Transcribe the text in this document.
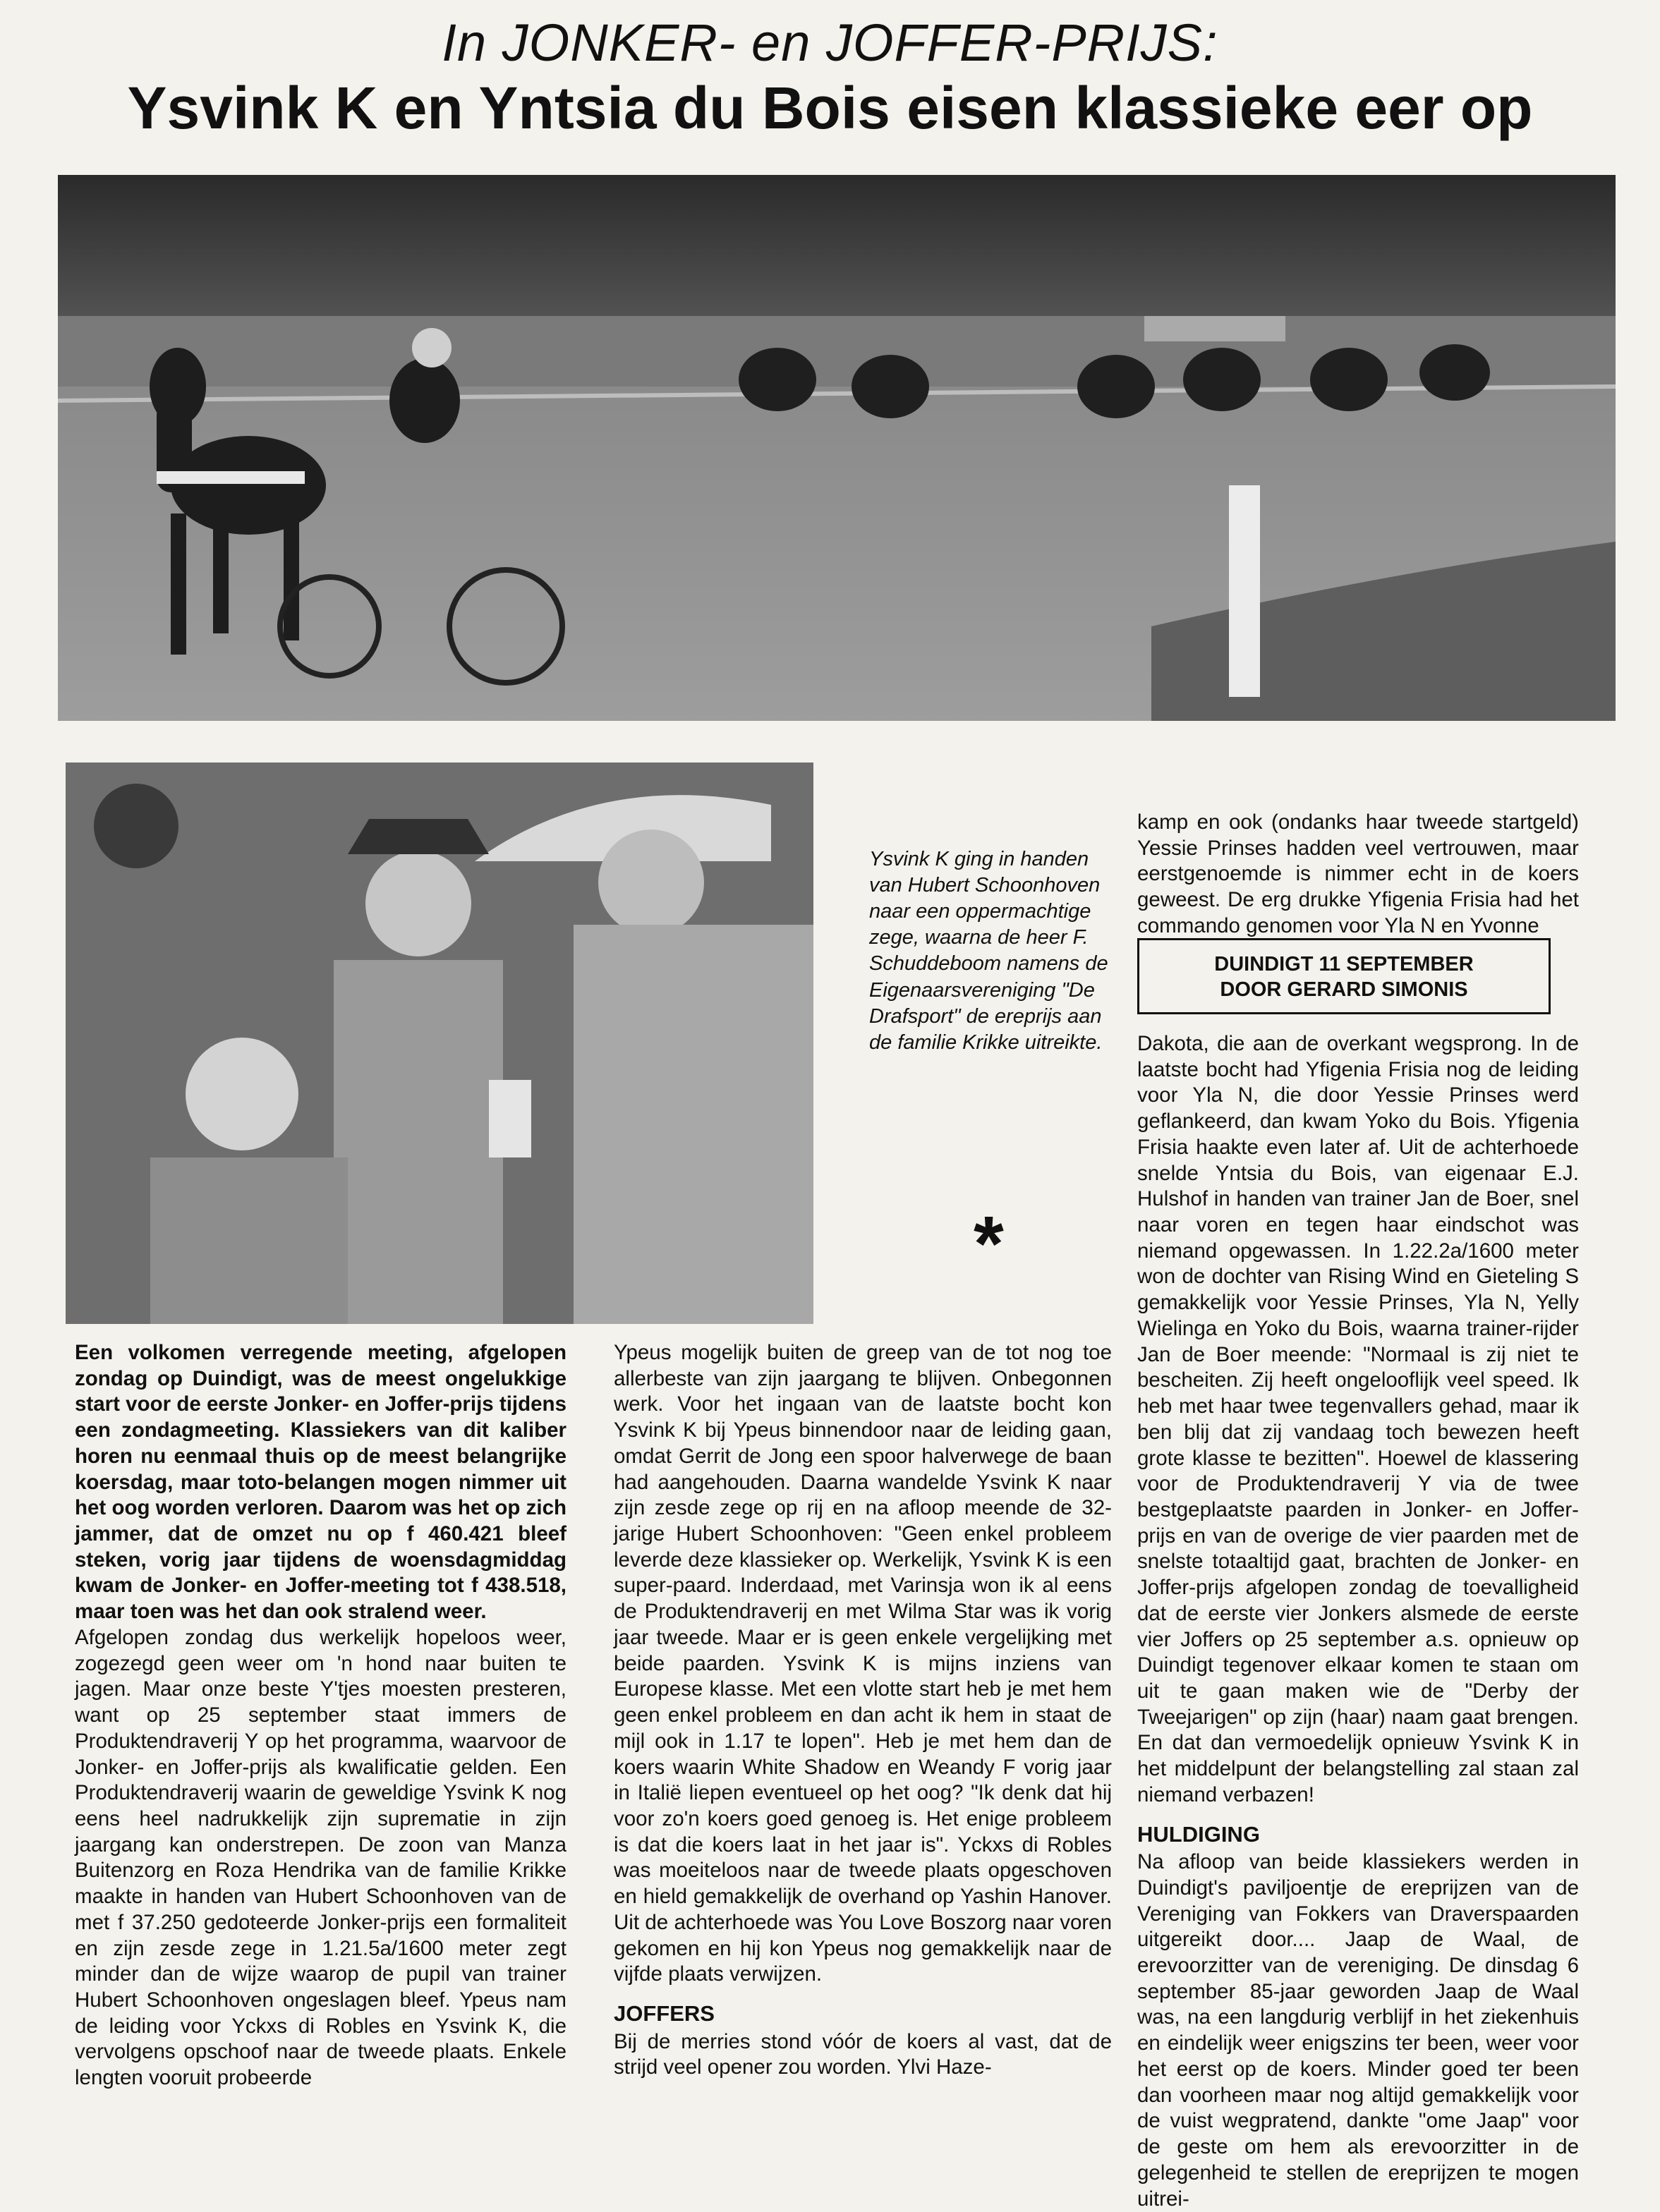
In JONKER- en JOFFER-PRIJS:
Ysvink K en Yntsia du Bois eisen klassieke eer op
Ysvink K ging in handen van Hubert Schoonhoven naar een oppermachtige zege, waarna de heer F. Schuddeboom namens de Eigenaarsvereniging "De Drafsport" de ereprijs aan de familie Krikke uitreikte.
*
DUINDIGT 11 SEPTEMBER
DOOR GERARD SIMONIS

Een volkomen verregende meeting, afgelopen zondag op Duindigt, was de meest ongelukkige start voor de eerste Jonker- en Joffer-prijs tijdens een zondagmeeting. Klassiekers van dit kaliber horen nu eenmaal thuis op de meest belangrijke koersdag, maar toto-belangen mogen nimmer uit het oog worden verloren. Daarom was het op zich jammer, dat de omzet nu op f 460.421 bleef steken, vorig jaar tijdens de woensdagmiddag kwam de Jonker- en Joffer-meeting tot f 438.518, maar toen was het dan ook stralend weer.

Afgelopen zondag dus werkelijk hopeloos weer, zogezegd geen weer om 'n hond naar buiten te jagen. Maar onze beste Y'tjes moesten presteren, want op 25 september staat immers de Produktendraverij Y op het programma, waarvoor de Jonker- en Joffer-prijs als kwalificatie gelden. Een Produktendraverij waarin de geweldige Ysvink K nog eens heel nadrukkelijk zijn suprematie in zijn jaargang kan onderstrepen. De zoon van Manza Buitenzorg en Roza Hendrika van de familie Krikke maakte in handen van Hubert Schoonhoven van de met f 37.250 gedoteerde Jonker-prijs een formaliteit en zijn zesde zege in 1.21.5a/1600 meter zegt minder dan de wijze waarop de pupil van trainer Hubert Schoonhoven ongeslagen bleef. Ypeus nam de leiding voor Yckxs di Robles en Ysvink K, die vervolgens opschoof naar de tweede plaats. Enkele lengten vooruit probeerde

Ypeus mogelijk buiten de greep van de tot nog toe allerbeste van zijn jaargang te blijven. Onbegonnen werk. Voor het ingaan van de laatste bocht kon Ysvink K bij Ypeus binnendoor naar de leiding gaan, omdat Gerrit de Jong een spoor halverwege de baan had aangehouden. Daarna wandelde Ysvink K naar zijn zesde zege op rij en na afloop meende de 32-jarige Hubert Schoonhoven: "Geen enkel probleem leverde deze klassieker op. Werkelijk, Ysvink K is een super-paard. Inderdaad, met Varinsja won ik al eens de Produktendraverij en met Wilma Star was ik vorig jaar tweede. Maar er is geen enkele vergelijking met beide paarden. Ysvink K is mijns inziens van Europese klasse. Met een vlotte start heb je met hem geen enkel probleem en dan acht ik hem in staat de mijl ook in 1.17 te lopen". Heb je met hem dan de koers waarin White Shadow en Weandy F vorig jaar in Italië liepen eventueel op het oog? "Ik denk dat hij voor zo'n koers goed genoeg is. Het enige probleem is dat die koers laat in het jaar is". Yckxs di Robles was moeiteloos naar de tweede plaats opgeschoven en hield gemakkelijk de overhand op Yashin Hanover. Uit de achterhoede was You Love Boszorg naar voren gekomen en hij kon Ypeus nog gemakkelijk naar de vijfde plaats verwijzen.

JOFFERS

Bij de merries stond vóór de koers al vast, dat de strijd veel opener zou worden. Ylvi Haze-

kamp en ook (ondanks haar tweede startgeld) Yessie Prinses hadden veel vertrouwen, maar eerstgenoemde is nimmer echt in de koers geweest. De erg drukke Yfigenia Frisia had het commando genomen voor Yla N en Yvonne

Dakota, die aan de overkant wegsprong. In de laatste bocht had Yfigenia Frisia nog de leiding voor Yla N, die door Yessie Prinses werd geflankeerd, dan kwam Yoko du Bois. Yfigenia Frisia haakte even later af. Uit de achterhoede snelde Yntsia du Bois, van eigenaar E.J. Hulshof in handen van trainer Jan de Boer, snel naar voren en tegen haar eindschot was niemand opgewassen. In 1.22.2a/1600 meter won de dochter van Rising Wind en Gieteling S gemakkelijk voor Yessie Prinses, Yla N, Yelly Wielinga en Yoko du Bois, waarna trainer-rijder Jan de Boer meende: "Normaal is zij niet te bescheiten. Zij heeft ongelooflijk veel speed. Ik heb met haar twee tegenvallers gehad, maar ik ben blij dat zij vandaag toch bewezen heeft grote klasse te bezitten". Hoewel de klassering voor de Produktendraverij Y via de twee bestgeplaatste paarden in Jonker- en Joffer-prijs en van de overige de vier paarden met de snelste totaaltijd gaat, brachten de Jonker- en Joffer-prijs afgelopen zondag de toevalligheid dat de eerste vier Jonkers alsmede de eerste vier Joffers op 25 september a.s. opnieuw op Duindigt tegenover elkaar komen te staan om uit te gaan maken wie de "Derby der Tweejarigen" op zijn (haar) naam gaat brengen. En dat dan vermoedelijk opnieuw Ysvink K in het middelpunt der belangstelling zal staan zal niemand verbazen!

HULDIGING

Na afloop van beide klassiekers werden in Duindigt's paviljoentje de ereprijzen van de Vereniging van Fokkers van Draverspaarden uitgereikt door.... Jaap de Waal, de erevoorzitter van de vereniging. De dinsdag 6 september 85-jaar geworden Jaap de Waal was, na een langdurig verblijf in het ziekenhuis en eindelijk weer enigszins ter been, weer voor het eerst op de koers. Minder goed ter been dan voorheen maar nog altijd gemakkelijk voor de vuist wegpratend, dankte "ome Jaap" voor de geste om hem als erevoorzitter in de gelegenheid te stellen de ereprijzen te mogen uitrei-
